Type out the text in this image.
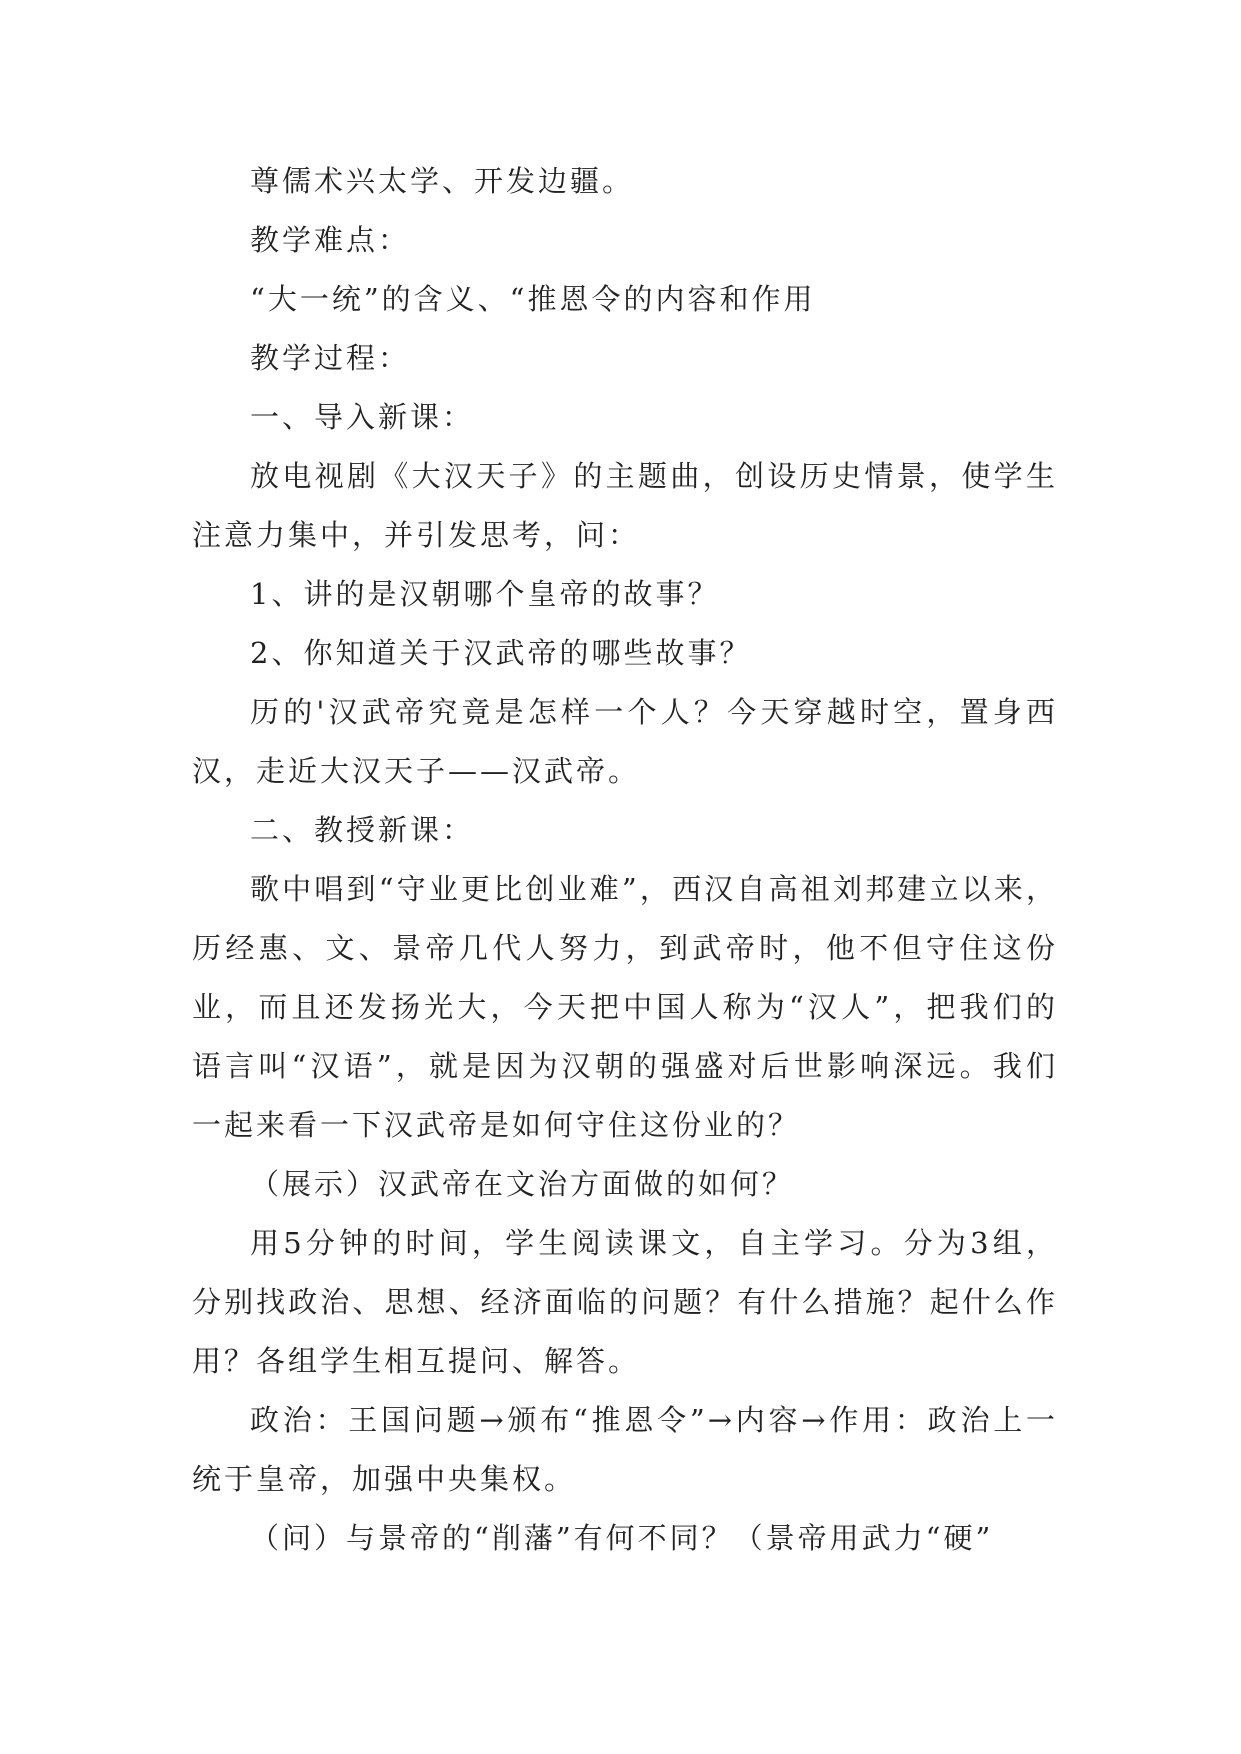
尊儒术兴太学、开发边疆。

教学难点：

“大一统”的含义、“推恩令的内容和作用

教学过程：

一、导入新课：

放电视剧《大汉天子》的主题曲，创设历史情景，使学生注意力集中，并引发思考，问：

1、讲的是汉朝哪个皇帝的故事？

2、你知道关于汉武帝的哪些故事？

历的'汉武帝究竟是怎样一个人？今天穿越时空，置身西汉，走近大汉天子——汉武帝。

二、教授新课：

歌中唱到“守业更比创业难”，西汉自高祖刘邦建立以来，历经惠、文、景帝几代人努力，到武帝时，他不但守住这份业，而且还发扬光大，今天把中国人称为“汉人”，把我们的语言叫“汉语”，就是因为汉朝的强盛对后世影响深远。我们一起来看一下汉武帝是如何守住这份业的？

（展示）汉武帝在文治方面做的如何？

用5分钟的时间，学生阅读课文，自主学习。分为3组，分别找政治、思想、经济面临的问题？有什么措施？起什么作用？各组学生相互提问、解答。

政治：王国问题→颁布“推恩令”→内容→作用：政治上一统于皇帝，加强中央集权。

（问）与景帝的“削藩”有何不同？（景帝用武力“硬”
